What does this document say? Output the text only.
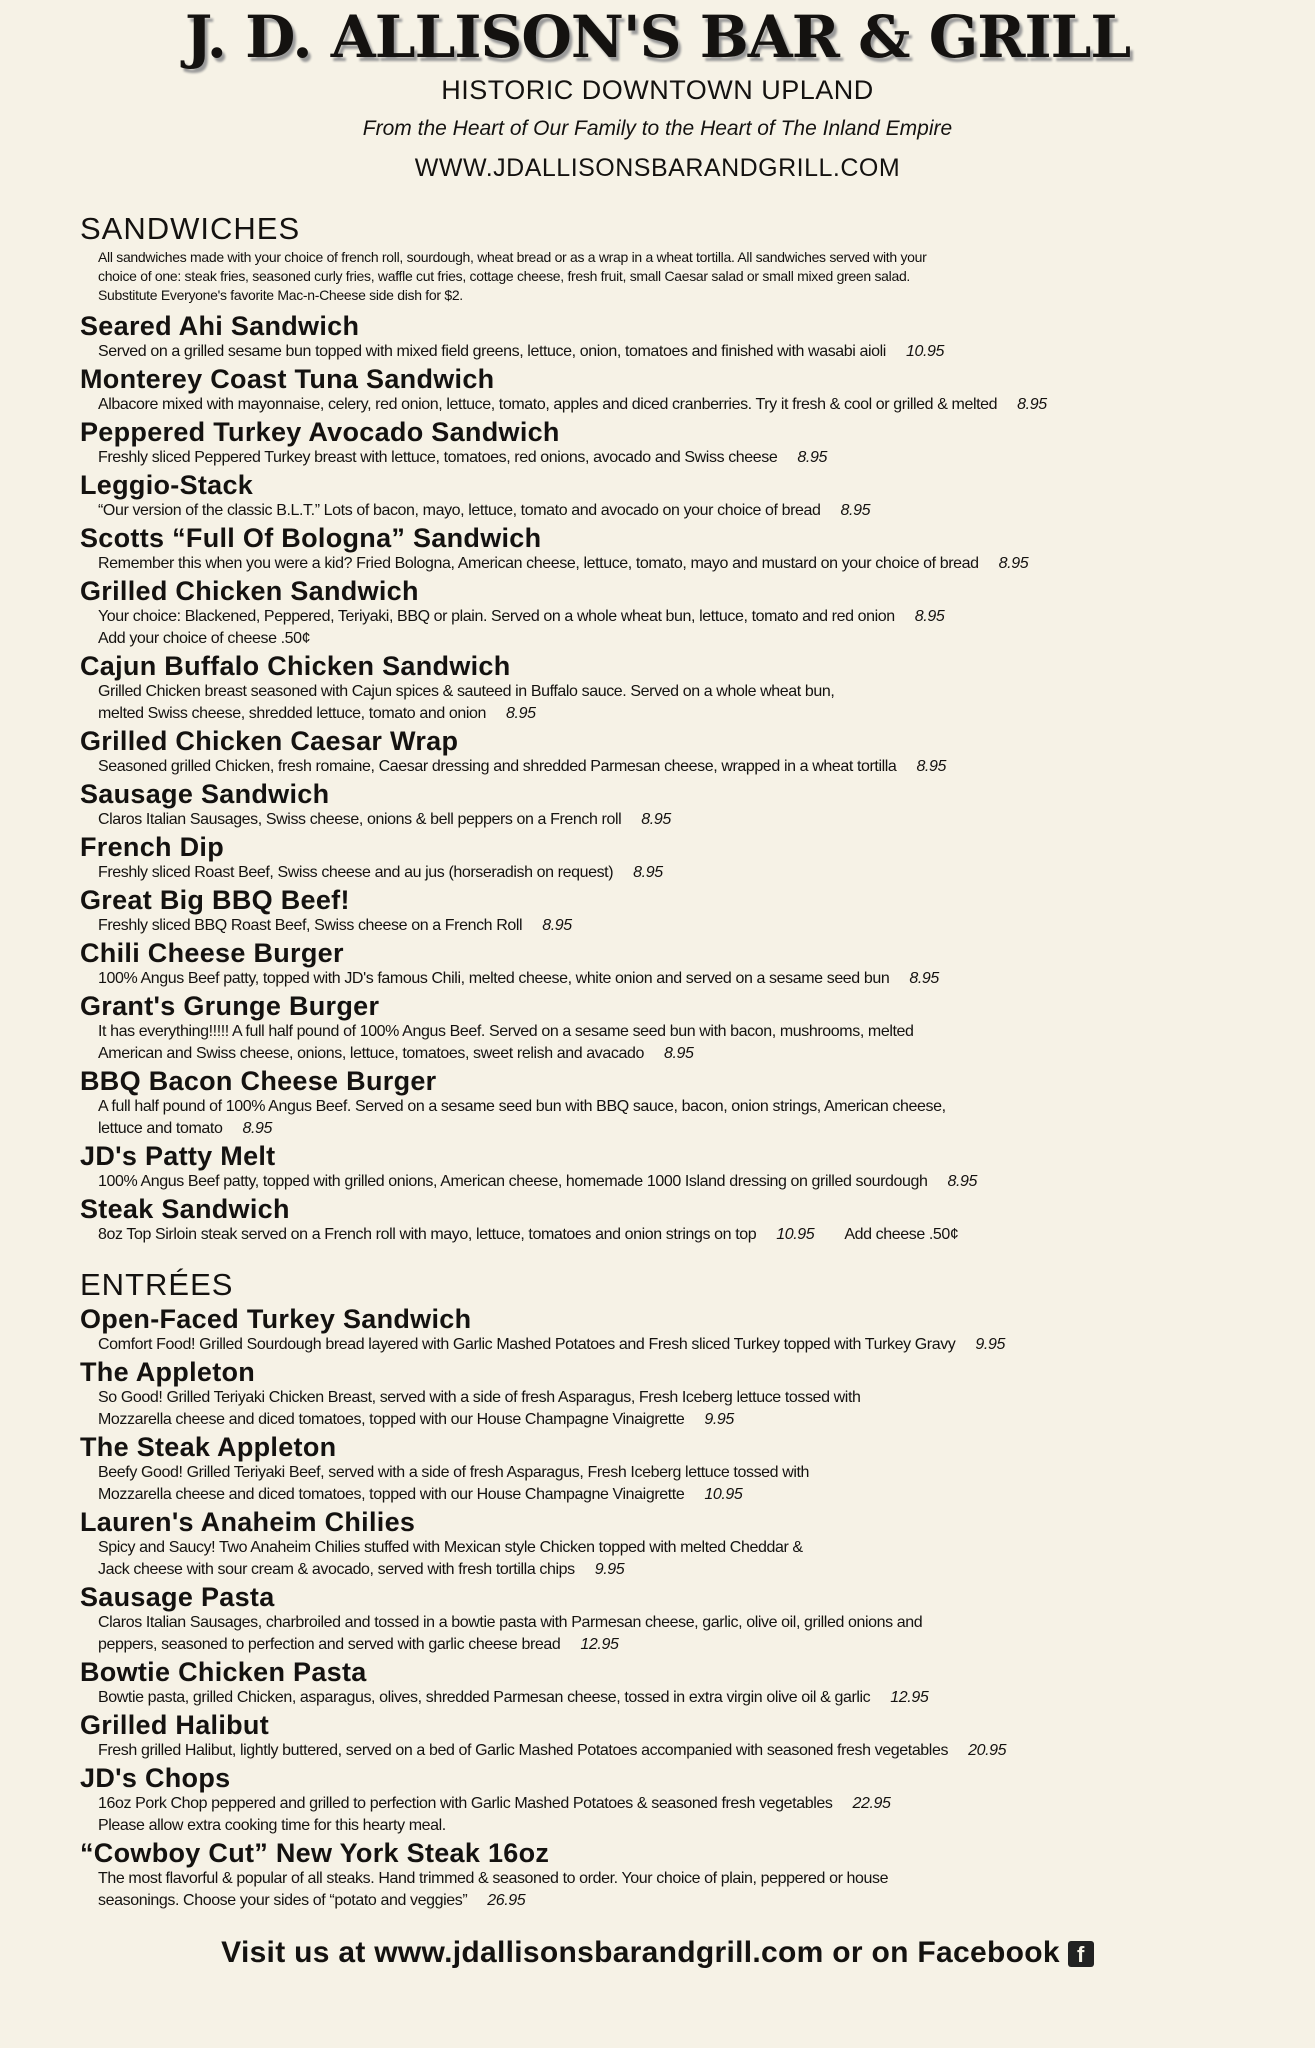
J. D. ALLISON'S BAR & GRILL
HISTORIC DOWNTOWN UPLAND
From the Heart of Our Family to the Heart of The Inland Empire
WWW.JDALLISONSBARANDGRILL.COM
SANDWICHES
All sandwiches made with your choice of french roll, sourdough, wheat bread or as a wrap in a wheat tortilla. All sandwiches served with your
choice of one: steak fries, seasoned curly fries, waffle cut fries, cottage cheese, fresh fruit, small Caesar salad or small mixed green salad.
Substitute Everyone's favorite Mac-n-Cheese side dish for $2.
Seared Ahi Sandwich
Served on a grilled sesame bun topped with mixed field greens, lettuce, onion, tomatoes and finished with wasabi aioli 10.95
Monterey Coast Tuna Sandwich
Albacore mixed with mayonnaise, celery, red onion, lettuce, tomato, apples and diced cranberries. Try it fresh & cool or grilled & melted 8.95
Peppered Turkey Avocado Sandwich
Freshly sliced Peppered Turkey breast with lettuce, tomatoes, red onions, avocado and Swiss cheese 8.95
Leggio-Stack
“Our version of the classic B.L.T.” Lots of bacon, mayo, lettuce, tomato and avocado on your choice of bread 8.95
Scotts “Full Of Bologna” Sandwich
Remember this when you were a kid? Fried Bologna, American cheese, lettuce, tomato, mayo and mustard on your choice of bread 8.95
Grilled Chicken Sandwich
Your choice: Blackened, Peppered, Teriyaki, BBQ or plain. Served on a whole wheat bun, lettuce, tomato and red onion 8.95
Add your choice of cheese .50¢
Cajun Buffalo Chicken Sandwich
Grilled Chicken breast seasoned with Cajun spices & sauteed in Buffalo sauce. Served on a whole wheat bun,
melted Swiss cheese, shredded lettuce, tomato and onion 8.95
Grilled Chicken Caesar Wrap
Seasoned grilled Chicken, fresh romaine, Caesar dressing and shredded Parmesan cheese, wrapped in a wheat tortilla 8.95
Sausage Sandwich
Claros Italian Sausages, Swiss cheese, onions & bell peppers on a French roll 8.95
French Dip
Freshly sliced Roast Beef, Swiss cheese and au jus (horseradish on request) 8.95
Great Big BBQ Beef!
Freshly sliced BBQ Roast Beef, Swiss cheese on a French Roll 8.95
Chili Cheese Burger
100% Angus Beef patty, topped with JD's famous Chili, melted cheese, white onion and served on a sesame seed bun 8.95
Grant's Grunge Burger
It has everything!!!!! A full half pound of 100% Angus Beef. Served on a sesame seed bun with bacon, mushrooms, melted
American and Swiss cheese, onions, lettuce, tomatoes, sweet relish and avacado 8.95
BBQ Bacon Cheese Burger
A full half pound of 100% Angus Beef. Served on a sesame seed bun with BBQ sauce, bacon, onion strings, American cheese,
lettuce and tomato 8.95
JD's Patty Melt
100% Angus Beef patty, topped with grilled onions, American cheese, homemade 1000 Island dressing on grilled sourdough 8.95
Steak Sandwich
8oz Top Sirloin steak served on a French roll with mayo, lettuce, tomatoes and onion strings on top 10.95 Add cheese .50¢
ENTRÉES
Open-Faced Turkey Sandwich
Comfort Food! Grilled Sourdough bread layered with Garlic Mashed Potatoes and Fresh sliced Turkey topped with Turkey Gravy 9.95
The Appleton
So Good! Grilled Teriyaki Chicken Breast, served with a side of fresh Asparagus, Fresh Iceberg lettuce tossed with
Mozzarella cheese and diced tomatoes, topped with our House Champagne Vinaigrette 9.95
The Steak Appleton
Beefy Good! Grilled Teriyaki Beef, served with a side of fresh Asparagus, Fresh Iceberg lettuce tossed with
Mozzarella cheese and diced tomatoes, topped with our House Champagne Vinaigrette 10.95
Lauren's Anaheim Chilies
Spicy and Saucy! Two Anaheim Chilies stuffed with Mexican style Chicken topped with melted Cheddar &
Jack cheese with sour cream & avocado, served with fresh tortilla chips 9.95
Sausage Pasta
Claros Italian Sausages, charbroiled and tossed in a bowtie pasta with Parmesan cheese, garlic, olive oil, grilled onions and
peppers, seasoned to perfection and served with garlic cheese bread 12.95
Bowtie Chicken Pasta
Bowtie pasta, grilled Chicken, asparagus, olives, shredded Parmesan cheese, tossed in extra virgin olive oil & garlic 12.95
Grilled Halibut
Fresh grilled Halibut, lightly buttered, served on a bed of Garlic Mashed Potatoes accompanied with seasoned fresh vegetables 20.95
JD's Chops
16oz Pork Chop peppered and grilled to perfection with Garlic Mashed Potatoes & seasoned fresh vegetables 22.95
Please allow extra cooking time for this hearty meal.
“Cowboy Cut” New York Steak 16oz
The most flavorful & popular of all steaks. Hand trimmed & seasoned to order. Your choice of plain, peppered or house
seasonings. Choose your sides of “potato and veggies” 26.95
Visit us at www.jdallisonsbarandgrill.com or on Facebook f
